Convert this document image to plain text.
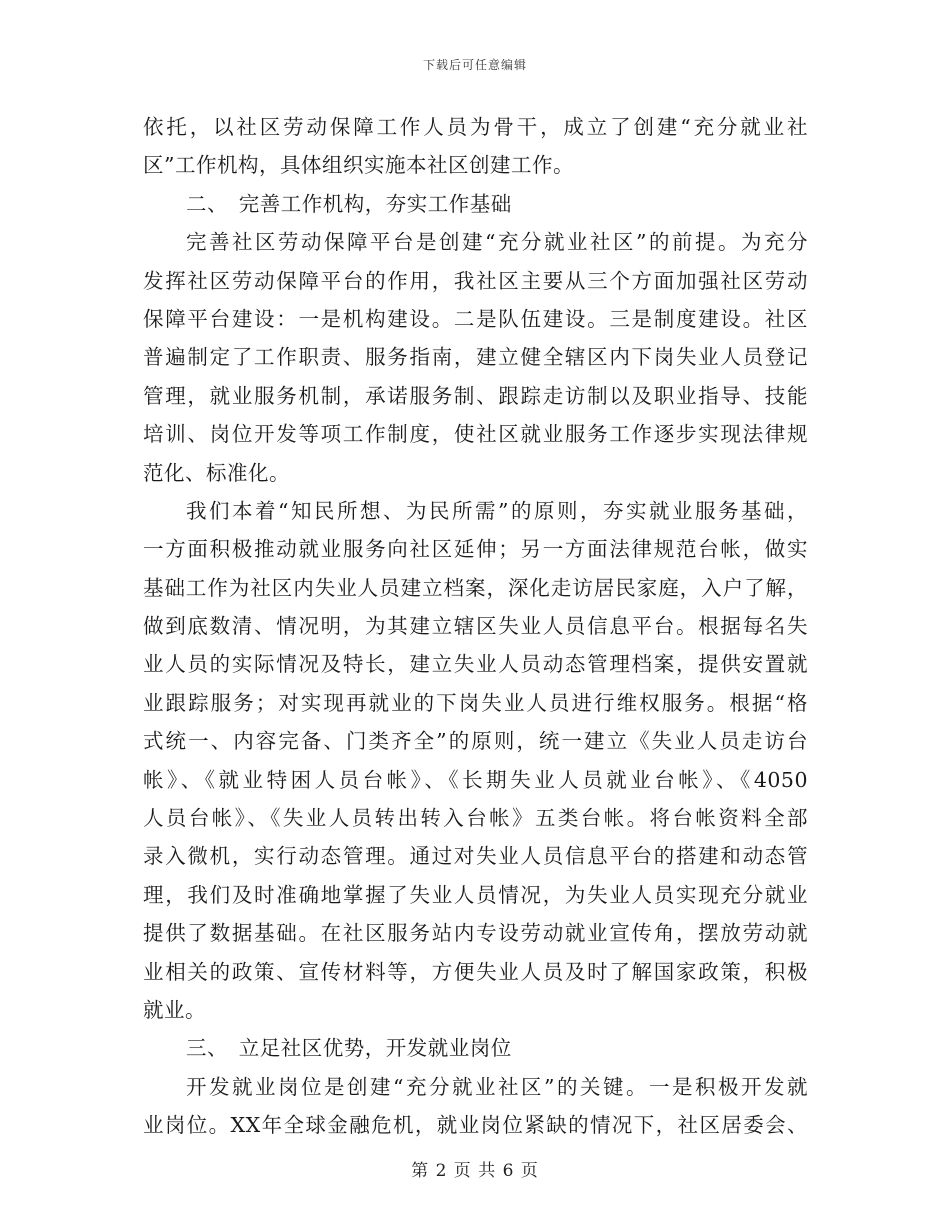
下载后可任意编辑
依托，以社区劳动保障工作人员为骨干，成立了创建“充分就业社
区”工作机构，具体组织实施本社区创建工作。
二、　完善工作机构，夯实工作基础
完善社区劳动保障平台是创建“充分就业社区”的前提。为充分
发挥社区劳动保障平台的作用，我社区主要从三个方面加强社区劳动
保障平台建设：一是机构建设。二是队伍建设。三是制度建设。社区
普遍制定了工作职责、服务指南，建立健全辖区内下岗失业人员登记
管理，就业服务机制，承诺服务制、跟踪走访制以及职业指导、技能
培训、岗位开发等项工作制度，使社区就业服务工作逐步实现法律规
范化、标准化。
我们本着“知民所想、为民所需”的原则，夯实就业服务基础，
一方面积极推动就业服务向社区延伸；另一方面法律规范台帐，做实
基础工作为社区内失业人员建立档案，深化走访居民家庭，入户了解，
做到底数清、情况明，为其建立辖区失业人员信息平台。根据每名失
业人员的实际情况及特长，建立失业人员动态管理档案，提供安置就
业跟踪服务；对实现再就业的下岗失业人员进行维权服务。根据“格
式统一、内容完备、门类齐全”的原则，统一建立《失业人员走访台
帐》、《就业特困人员台帐》、《长期失业人员就业台帐》、《4050
人员台帐》、《失业人员转出转入台帐》五类台帐。将台帐资料全部
录入微机，实行动态管理。通过对失业人员信息平台的搭建和动态管
理，我们及时准确地掌握了失业人员情况，为失业人员实现充分就业
提供了数据基础。在社区服务站内专设劳动就业宣传角，摆放劳动就
业相关的政策、宣传材料等，方便失业人员及时了解国家政策，积极
就业。
三、　立足社区优势，开发就业岗位
开发就业岗位是创建“充分就业社区”的关键。一是积极开发就
业岗位。XX年全球金融危机，就业岗位紧缺的情况下，社区居委会、
第 2 页 共 6 页
